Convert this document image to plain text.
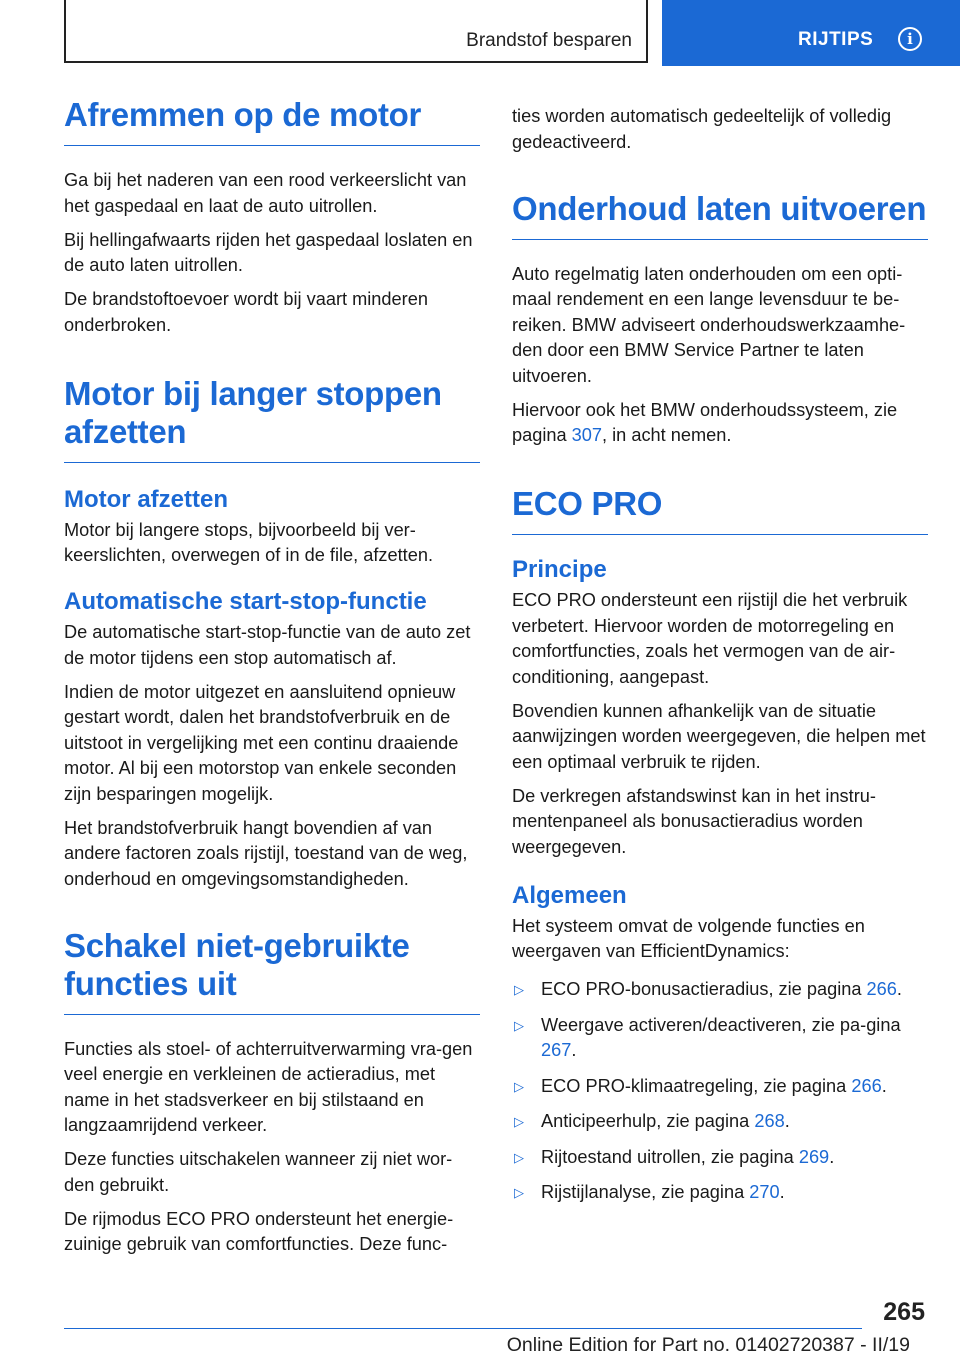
Brandstof besparen	RIJTIPS	i
Afremmen op de motor

Ga bij het naderen van een rood verkeerslicht van het gaspedaal en laat de auto uitrollen.

Bij hellingafwaarts rijden het gaspedaal loslaten en de auto laten uitrollen.

De brandstoftoevoer wordt bij vaart minderen onderbroken.

Motor bij langer stoppen afzetten
Motor afzetten

Motor bij langere stops, bijvoorbeeld bij ver‐keerslichten, overwegen of in de file, afzetten.

Automatische start-stop-functie

De automatische start-stop-functie van de auto zet de motor tijdens een stop automatisch af.

Indien de motor uitgezet en aansluitend opnieuw gestart wordt, dalen het brandstofverbruik en de uitstoot in vergelijking met een continu draaiende motor. Al bij een motorstop van enkele seconden zijn besparingen mogelijk.

Het brandstofverbruik hangt bovendien af van andere factoren zoals rijstijl, toestand van de weg, onderhoud en omgevingsomstandigheden.

Schakel niet-gebruikte functies uit

Functies als stoel- of achterruitverwarming vra‐gen veel energie en verkleinen de actieradius, met name in het stadsverkeer en bij stilstaand en langzaamrijdend verkeer.

Deze functies uitschakelen wanneer zij niet wor‐den gebruikt.

De rijmodus ECO PRO ondersteunt het energie‐zuinige gebruik van comfortfuncties. Deze func‐

ties worden automatisch gedeeltelijk of volledig gedeactiveerd.

Onderhoud laten uitvoeren

Auto regelmatig laten onderhouden om een opti‐maal rendement en een lange levensduur te be‐reiken. BMW adviseert onderhoudswerkzaamhe‐den door een BMW Service Partner te laten uitvoeren.

Hiervoor ook het BMW onderhoudssysteem, zie pagina 307, in acht nemen.

ECO PRO
Principe

ECO PRO ondersteunt een rijstijl die het verbruik verbetert. Hiervoor worden de motorregeling en comfortfuncties, zoals het vermogen van de air‐conditioning, aangepast.

Bovendien kunnen afhankelijk van de situatie aanwijzingen worden weergegeven, die helpen met een optimaal verbruik te rijden.

De verkregen afstandswinst kan in het instru‐mentenpaneel als bonusactieradius worden weergegeven.

Algemeen

Het systeem omvat de volgende functies en weergaven van EfficientDynamics:

▷ ECO PRO-bonusactieradius, zie pagina 266.
▷ Weergave activeren/deactiveren, zie pa‐gina 267.
▷ ECO PRO-klimaatregeling, zie pagina 266.
▷ Anticipeerhulp, zie pagina 268.
▷ Rijtoestand uitrollen, zie pagina 269.
▷ Rijstijlanalyse, zie pagina 270.
265
Online Edition for Part no. 01402720387 - II/19
